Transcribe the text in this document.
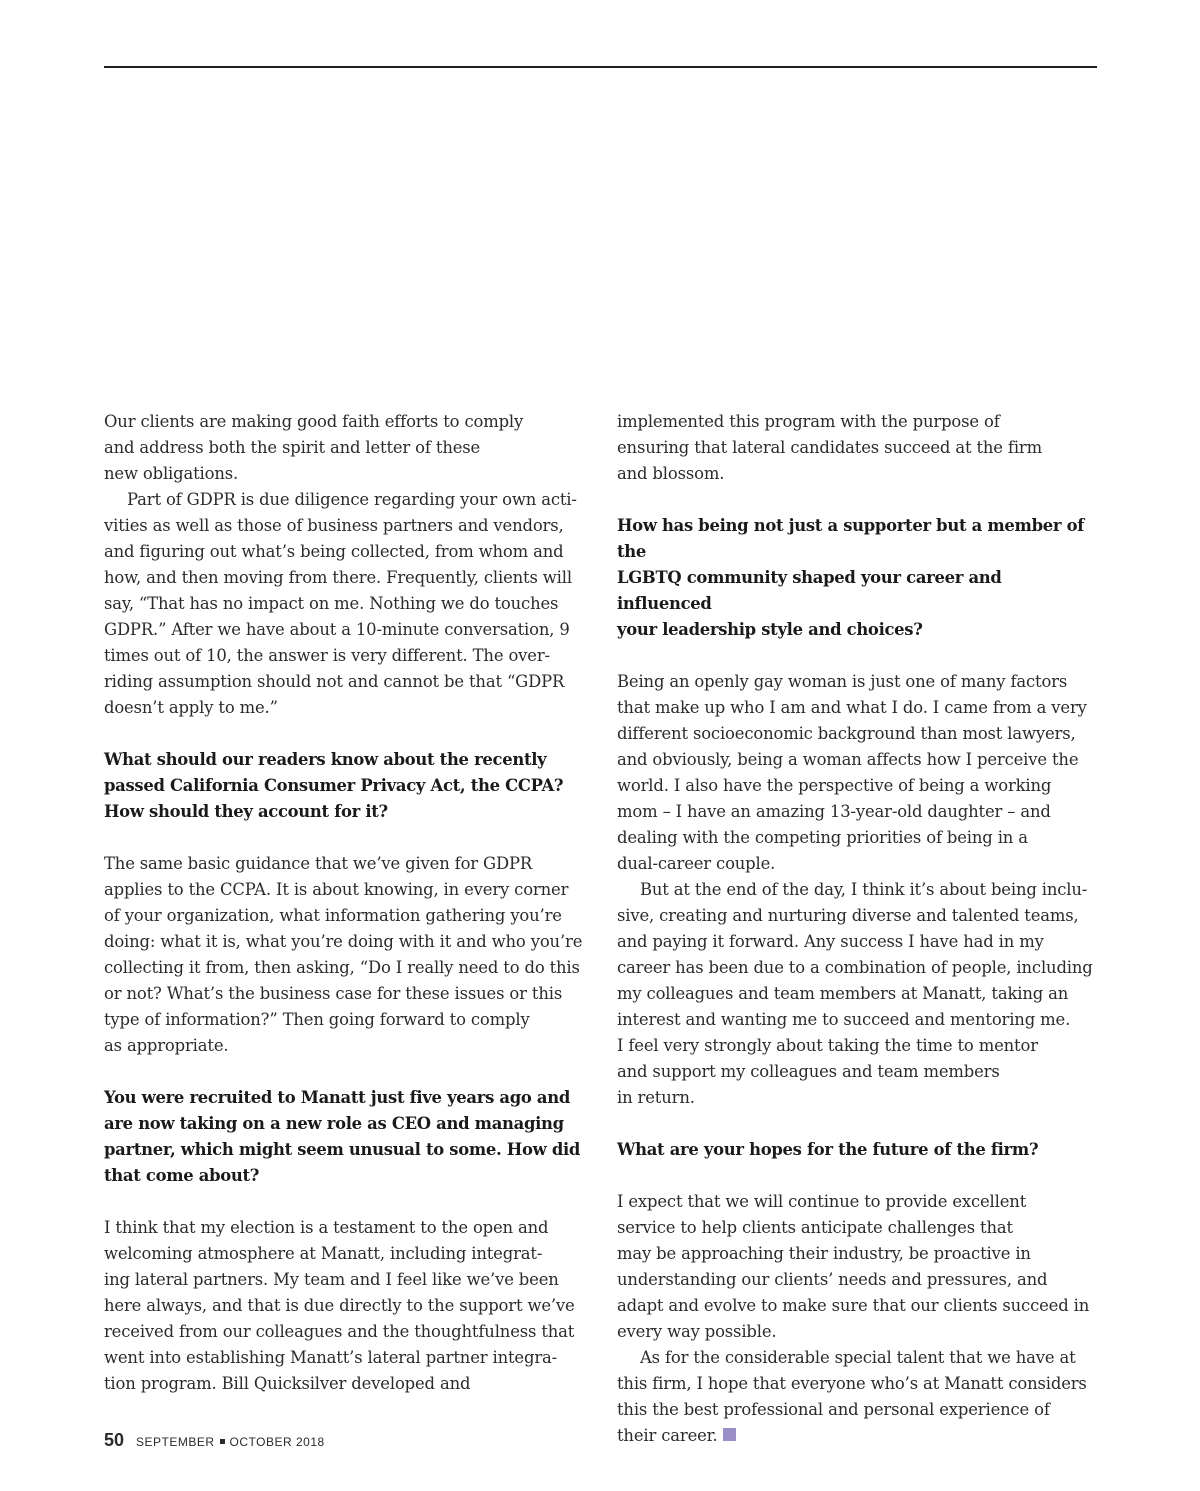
Our clients are making good faith efforts to comply
and address both the spirit and letter of these
new obligations.

Part of GDPR is due diligence regarding your own acti-
vities as well as those of business partners and vendors,
and figuring out what’s being collected, from whom and
how, and then moving from there. Frequently, clients will
say, “That has no impact on me. Nothing we do touches
GDPR.” After we have about a 10-minute conversation, 9
times out of 10, the answer is very different. The over-
riding assumption should not and cannot be that “GDPR
doesn’t apply to me.”

What should our readers know about the recently
passed California Consumer Privacy Act, the CCPA?
How should they account for it?

The same basic guidance that we’ve given for GDPR
applies to the CCPA. It is about knowing, in every corner
of your organization, what information gathering you’re
doing: what it is, what you’re doing with it and who you’re
collecting it from, then asking, “Do I really need to do this
or not? What’s the business case for these issues or this
type of information?” Then going forward to comply
as appropriate.

You were recruited to Manatt just five years ago and
are now taking on a new role as CEO and managing
partner, which might seem unusual to some. How did
that come about?

I think that my election is a testament to the open and
welcoming atmosphere at Manatt, including integrat-
ing lateral partners. My team and I feel like we’ve been
here always, and that is due directly to the support we’ve
received from our colleagues and the thoughtfulness that
went into establishing Manatt’s lateral partner integra-
tion program. Bill Quicksilver developed and

implemented this program with the purpose of
ensuring that lateral candidates succeed at the firm
and blossom.

How has being not just a supporter but a member of the
LGBTQ community shaped your career and influenced
your leadership style and choices?

Being an openly gay woman is just one of many factors
that make up who I am and what I do. I came from a very
different socioeconomic background than most lawyers,
and obviously, being a woman affects how I perceive the
world. I also have the perspective of being a working
mom – I have an amazing 13-year-old daughter – and
dealing with the competing priorities of being in a
dual-career couple.

But at the end of the day, I think it’s about being inclu-
sive, creating and nurturing diverse and talented teams,
and paying it forward. Any success I have had in my
career has been due to a combination of people, including
my colleagues and team members at Manatt, taking an
interest and wanting me to succeed and mentoring me.
I feel very strongly about taking the time to mentor
and support my colleagues and team members
in return.

What are your hopes for the future of the firm?

I expect that we will continue to provide excellent
service to help clients anticipate challenges that
may be approaching their industry, be proactive in
understanding our clients’ needs and pressures, and
adapt and evolve to make sure that our clients succeed in
every way possible.

As for the considerable special talent that we have at
this firm, I hope that everyone who’s at Manatt considers
this the best professional and personal experience of
their career.

50 SEPTEMBER OCTOBER 2018
